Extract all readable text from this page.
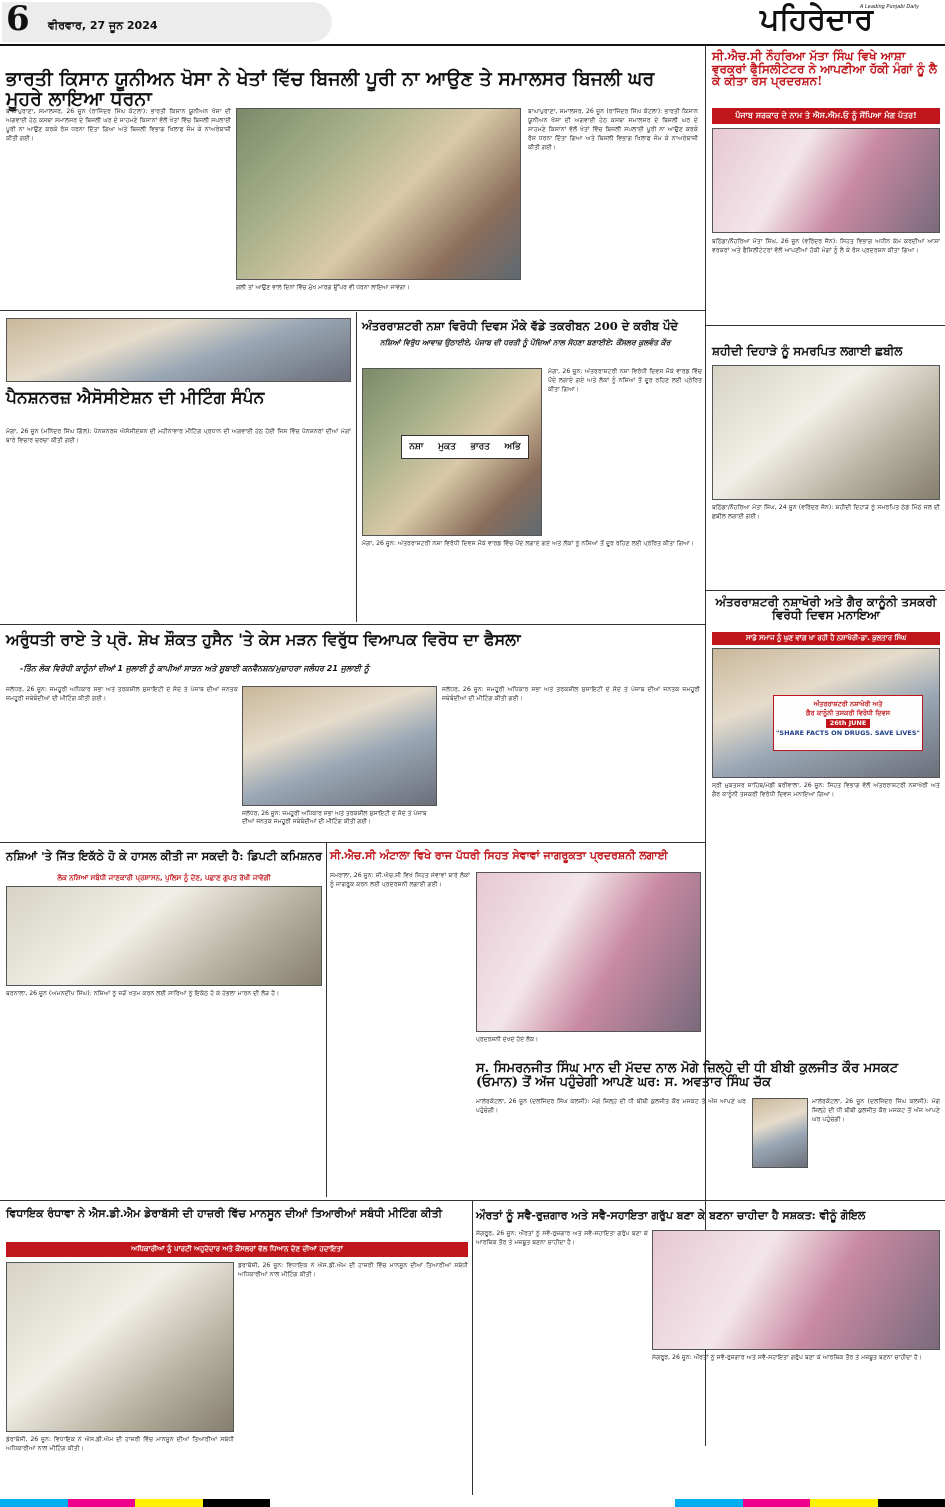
6 ਵੀਰਵਾਰ, 27 ਜੂਨ 2024	ਪਹਿਰੇਦਾਰ
A Leading Punjabi Daily
ਭਾਰਤੀ ਕਿਸਾਨ ਯੂਨੀਅਨ ਖੋਸਾ ਨੇ ਖੇਤਾਂ ਵਿੱਚ ਬਿਜਲੀ ਪੂਰੀ ਨਾ ਆਉਣ ਤੇ ਸਮਾਲਸਰ ਬਿਜਲੀ ਘਰ ਮੂਹਰੇ ਲਾਇਆ ਧਰਨਾ
ਬਾਘਾਪੁਰਾਣਾ, ਸਮਾਲਸਰ, 26 ਜੂਨ (ਰਾਜਿੰਦਰ ਸਿੰਘ ਕੋਟਲਾ): ਭਾਰਤੀ ਕਿਸਾਨ ਯੂਨੀਅਨ ਖੋਸਾ ਦੀ ਅਗਵਾਈ ਹੇਠ ਕਸਬਾ ਸਮਾਲਸਰ ਦੇ ਬਿਜਲੀ ਘਰ ਦੇ ਸਾਹਮਣੇ ਕਿਸਾਨਾਂ ਵੱਲੋਂ ਖੇਤਾਂ ਵਿੱਚ ਬਿਜਲੀ ਸਪਲਾਈ ਪੂਰੀ ਨਾ ਆਉਣ ਕਰਕੇ ਰੋਸ ਧਰਨਾ ਦਿੱਤਾ ਗਿਆ ਅਤੇ ਬਿਜਲੀ ਵਿਭਾਗ ਖਿਲਾਫ ਜੰਮ ਕੇ ਨਾਅਰੇਬਾਜ਼ੀ ਕੀਤੀ ਗਈ।
ਗਲੀ ਤਾਂ ਆਉਣ ਵਾਲੇ ਦਿਨਾਂ ਵਿੱਚ ਮੁੱਖ ਮਾਰਗ ਉੱਪਰ ਵੀ ਧਰਨਾ ਲਾਇਆ ਜਾਵੇਗਾ।
ਬਾਘਾਪੁਰਾਣਾ, ਸਮਾਲਸਰ, 26 ਜੂਨ (ਰਾਜਿੰਦਰ ਸਿੰਘ ਕੋਟਲਾ): ਭਾਰਤੀ ਕਿਸਾਨ ਯੂਨੀਅਨ ਖੋਸਾ ਦੀ ਅਗਵਾਈ ਹੇਠ ਕਸਬਾ ਸਮਾਲਸਰ ਦੇ ਬਿਜਲੀ ਘਰ ਦੇ ਸਾਹਮਣੇ ਕਿਸਾਨਾਂ ਵੱਲੋਂ ਖੇਤਾਂ ਵਿੱਚ ਬਿਜਲੀ ਸਪਲਾਈ ਪੂਰੀ ਨਾ ਆਉਣ ਕਰਕੇ ਰੋਸ ਧਰਨਾ ਦਿੱਤਾ ਗਿਆ ਅਤੇ ਬਿਜਲੀ ਵਿਭਾਗ ਖਿਲਾਫ ਜੰਮ ਕੇ ਨਾਅਰੇਬਾਜ਼ੀ ਕੀਤੀ ਗਈ।
ਸੀ.ਐਚ.ਸੀ ਨੌਹਰਿਆ ਮੱਤਾ ਸਿੰਘ ਵਿਖੇ ਆਸ਼ਾ ਵਰਕਰਾਂ ਫੈਸਿਲੀਟੇਟਰ ਨੇ ਆਪਣੀਆ ਹੱਕੀ ਮੰਗਾਂ ਨੂੰ ਲੈ ਕੇ ਕੀਤਾ ਰੋਸ ਪ੍ਰਦਰਸ਼ਨ!
ਪੰਜਾਬ ਸਰਕਾਰ ਦੇ ਨਾਮ ਤੇ ਐਸ.ਐਮ.ਓ ਨੂੰ ਸੌਂਪਿਆ ਮੰਗ ਪੱਤਰ!
ਬਠਿੰਡਾ/ਨੌਹਰਿਆ ਮੱਤਾ ਸਿੰਘ, 26 ਜੂਨ (ਵਰਿੰਦਰ ਜੈਨ): ਸਿਹਤ ਵਿਭਾਗ ਅਧੀਨ ਕੰਮ ਕਰਦੀਆਂ ਆਸ਼ਾ ਵਰਕਰਾਂ ਅਤੇ ਫੈਸਿਲੀਟੇਟਰਾਂ ਵੱਲੋਂ ਆਪਣੀਆਂ ਹੱਕੀ ਮੰਗਾਂ ਨੂੰ ਲੈ ਕੇ ਰੋਸ ਪ੍ਰਦਰਸ਼ਨ ਕੀਤਾ ਗਿਆ।
ਪੈਨਸ਼ਨਰਜ਼ ਐਸੋਸੀਏਸ਼ਨ ਦੀ ਮੀਟਿੰਗ ਸੰਪੰਨ
ਮੋਗਾ, 26 ਜੂਨ (ਮਨਿੰਦਰ ਸਿੰਘ ਗਿੱਲ): ਪੈਨਸ਼ਨਰਜ਼ ਐਸੋਸੀਏਸ਼ਨ ਦੀ ਮਹੀਨਾਵਾਰ ਮੀਟਿੰਗ ਪ੍ਰਧਾਨ ਦੀ ਅਗਵਾਈ ਹੇਠ ਹੋਈ ਜਿਸ ਵਿੱਚ ਪੈਨਸ਼ਨਰਾਂ ਦੀਆਂ ਮੰਗਾਂ ਬਾਰੇ ਵਿਚਾਰ ਚਰਚਾ ਕੀਤੀ ਗਈ।
ਅੰਤਰਰਾਸ਼ਟਰੀ ਨਸ਼ਾ ਵਿਰੋਧੀ ਦਿਵਸ ਮੌਕੇ ਵੱਡੇ ਤਕਰੀਬਨ 200 ਦੇ ਕਰੀਬ ਪੌਦੇ
ਨਸ਼ਿਆਂ ਵਿਰੁੱਧ ਆਵਾਜ਼ ਉਠਾਈਏ, ਪੰਜਾਬ ਦੀ ਧਰਤੀ ਨੂੰ ਪੌਦਿਆਂ ਨਾਲ ਸੋਹਣਾ ਬਣਾਈਏ: ਕੌਂਸਲਰ ਕੁਲਵੰਤ ਕੌਰ
ਨਸ਼ਾ ਮੁਕਤ ਭਾਰਤ ਅਭਿ
ਮੋਗਾ, 26 ਜੂਨ: ਅੰਤਰਰਾਸ਼ਟਰੀ ਨਸ਼ਾ ਵਿਰੋਧੀ ਦਿਵਸ ਮੌਕੇ ਵਾਰਡ ਵਿੱਚ ਪੌਦੇ ਲਗਾਏ ਗਏ ਅਤੇ ਲੋਕਾਂ ਨੂੰ ਨਸ਼ਿਆਂ ਤੋਂ ਦੂਰ ਰਹਿਣ ਲਈ ਪ੍ਰੇਰਿਤ ਕੀਤਾ ਗਿਆ।
ਮੋਗਾ, 26 ਜੂਨ: ਅੰਤਰਰਾਸ਼ਟਰੀ ਨਸ਼ਾ ਵਿਰੋਧੀ ਦਿਵਸ ਮੌਕੇ ਵਾਰਡ ਵਿੱਚ ਪੌਦੇ ਲਗਾਏ ਗਏ ਅਤੇ ਲੋਕਾਂ ਨੂੰ ਨਸ਼ਿਆਂ ਤੋਂ ਦੂਰ ਰਹਿਣ ਲਈ ਪ੍ਰੇਰਿਤ ਕੀਤਾ ਗਿਆ।
ਸ਼ਹੀਦੀ ਦਿਹਾੜੇ ਨੂੰ ਸਮਰਪਿਤ ਲਗਾਈ ਛਬੀਲ
ਬਠਿੰਡਾ/ਨੌਹਰਿਆ ਮੱਤਾ ਸਿੰਘ, 24 ਜੂਨ (ਵਰਿੰਦਰ ਜੈਨ): ਸ਼ਹੀਦੀ ਦਿਹਾੜੇ ਨੂੰ ਸਮਰਪਿਤ ਠੰਡੇ ਮਿੱਠੇ ਜਲ ਦੀ ਛਬੀਲ ਲਗਾਈ ਗਈ।
ਅੰਤਰਰਾਸ਼ਟਰੀ ਨਸ਼ਾਖੋਰੀ ਅਤੇ ਗੈਰ ਕਾਨੂੰਨੀ ਤਸਕਰੀ ਵਿਰੋਧੀ ਦਿਵਸ ਮਨਾਇਆ
ਸਾਡੇ ਸਮਾਜ ਨੂੰ ਘੁਣ ਵਾਂਗ ਖਾ ਰਹੀ ਹੈ ਨਸ਼ਾਖੋਰੀ-ਡਾ. ਕੁਲਤਾਰ ਸਿੰਘ
ਅੰਤਰਰਾਸ਼ਟਰੀ ਨਸ਼ਾਖੋਰੀ ਅਤੇ
ਗੈਰ ਕਾਨੂੰਨੀ ਤਸਕਰੀ ਵਿਰੋਧੀ ਦਿਵਸ
26th JUNE
"SHARE FACTS ON DRUGS. SAVE LIVES"
ਸ੍ਰੀ ਮੁਕਤਸਰ ਸਾਹਿਬ/ਮੰਡੀ ਬਰੀਵਾਲਾ, 26 ਜੂਨ: ਸਿਹਤ ਵਿਭਾਗ ਵੱਲੋਂ ਅੰਤਰਰਾਸ਼ਟਰੀ ਨਸ਼ਾਖੋਰੀ ਅਤੇ ਗੈਰ ਕਾਨੂੰਨੀ ਤਸਕਰੀ ਵਿਰੋਧੀ ਦਿਵਸ ਮਨਾਇਆ ਗਿਆ।
ਅਰੁੰਧਤੀ ਰਾਏ ਤੇ ਪ੍ਰੋ. ਸ਼ੇਖ ਸ਼ੌਕਤ ਹੁਸੈਨ 'ਤੇ ਕੇਸ ਮੜਨ ਵਿਰੁੱਧ ਵਿਆਪਕ ਵਿਰੋਧ ਦਾ ਫੈਸਲਾ
-ਤਿੰਨ ਲੋਕ ਵਿਰੋਧੀ ਕਾਨੂੰਨਾਂ ਦੀਆਂ 1 ਜੁਲਾਈ ਨੂੰ ਕਾਪੀਆਂ ਸਾੜਨ ਅਤੇ ਸੂਬਾਈ ਕਨਵੈਨਸ਼ਨ/ਮੁਜ਼ਾਹਰਾ ਜਲੰਧਰ 21 ਜੁਲਾਈ ਨੂੰ
ਜਲੰਧਰ, 26 ਜੂਨ: ਜਮਹੂਰੀ ਅਧਿਕਾਰ ਸਭਾ ਅਤੇ ਤਰਕਸ਼ੀਲ ਸੁਸਾਇਟੀ ਦੇ ਸੱਦੇ ਤੇ ਪੰਜਾਬ ਦੀਆਂ ਜਨਤਕ ਜਮਹੂਰੀ ਜਥੇਬੰਦੀਆਂ ਦੀ ਮੀਟਿੰਗ ਕੀਤੀ ਗਈ।
ਜਲੰਧਰ, 26 ਜੂਨ: ਜਮਹੂਰੀ ਅਧਿਕਾਰ ਸਭਾ ਅਤੇ ਤਰਕਸ਼ੀਲ ਸੁਸਾਇਟੀ ਦੇ ਸੱਦੇ ਤੇ ਪੰਜਾਬ ਦੀਆਂ ਜਨਤਕ ਜਮਹੂਰੀ ਜਥੇਬੰਦੀਆਂ ਦੀ ਮੀਟਿੰਗ ਕੀਤੀ ਗਈ।
ਜਲੰਧਰ, 26 ਜੂਨ: ਜਮਹੂਰੀ ਅਧਿਕਾਰ ਸਭਾ ਅਤੇ ਤਰਕਸ਼ੀਲ ਸੁਸਾਇਟੀ ਦੇ ਸੱਦੇ ਤੇ ਪੰਜਾਬ ਦੀਆਂ ਜਨਤਕ ਜਮਹੂਰੀ ਜਥੇਬੰਦੀਆਂ ਦੀ ਮੀਟਿੰਗ ਕੀਤੀ ਗਈ।
ਨਸ਼ਿਆਂ 'ਤੇ ਜਿੱਤ ਇਕੱਠੇ ਹੋ ਕੇ ਹਾਸਲ ਕੀਤੀ ਜਾ ਸਕਦੀ ਹੈ: ਡਿਪਟੀ ਕਮਿਸ਼ਨਰ
ਲੋਕ ਨਸ਼ਿਆਂ ਸਬੰਧੀ ਜਾਣਕਾਰੀ ਪ੍ਰਸ਼ਾਸਨ, ਪੁਲਿਸ ਨੂੰ ਦੇਣ, ਪਛਾਣ ਗੁਪਤ ਰੱਖੀ ਜਾਵੇਗੀ
ਬਰਨਾਲਾ, 26 ਜੂਨ (ਅਮਨਦੀਪ ਸਿੰਘ): ਨਸ਼ਿਆਂ ਨੂੰ ਜੜੋਂ ਖਤਮ ਕਰਨ ਲਈ ਸਾਰਿਆਂ ਨੂੰ ਇਕੱਠੇ ਹੋ ਕੇ ਹੰਭਲਾ ਮਾਰਨ ਦੀ ਲੋੜ ਹੈ।
ਸੀ.ਐਚ.ਸੀ ਅੰਟਾਲਾ ਵਿਖੇ ਰਾਜ ਪੱਧਰੀ ਸਿਹਤ ਸੇਵਾਵਾਂ ਜਾਗਰੂਕਤਾ ਪ੍ਰਦਰਸ਼ਨੀ ਲਗਾਈ
ਸਮਰਾਲਾ, 26 ਜੂਨ: ਸੀ.ਐਚ.ਸੀ ਵਿਖੇ ਸਿਹਤ ਸੇਵਾਵਾਂ ਬਾਰੇ ਲੋਕਾਂ ਨੂੰ ਜਾਗਰੂਕ ਕਰਨ ਲਈ ਪ੍ਰਦਰਸ਼ਨੀ ਲਗਾਈ ਗਈ।
ਪ੍ਰਦਰਸ਼ਨੀ ਦੇਖਦੇ ਹੋਏ ਲੋਕ।
ਸ. ਸਿਮਰਨਜੀਤ ਸਿੰਘ ਮਾਨ ਦੀ ਮੱਦਦ ਨਾਲ ਮੋਗੇ ਜ਼ਿਲ੍ਹੇ ਦੀ ਧੀ ਬੀਬੀ ਕੁਲਜੀਤ ਕੌਰ ਮਸਕਟ (ਓਮਾਨ) ਤੋਂ ਅੱਜ ਪਹੁੰਚੇਗੀ ਆਪਣੇ ਘਰ: ਸ. ਅਵਤਾਰ ਸਿੰਘ ਚੱਕ
ਮਾਲੇਰਕੋਟਲਾ, 26 ਜੂਨ (ਦਲਜਿੰਦਰ ਸਿੰਘ ਕਲਸੀ): ਮੋਗੇ ਜ਼ਿਲ੍ਹੇ ਦੀ ਧੀ ਬੀਬੀ ਕੁਲਜੀਤ ਕੌਰ ਮਸਕਟ ਤੋਂ ਅੱਜ ਆਪਣੇ ਘਰ ਪਹੁੰਚੇਗੀ।
ਮਾਲੇਰਕੋਟਲਾ, 26 ਜੂਨ (ਦਲਜਿੰਦਰ ਸਿੰਘ ਕਲਸੀ): ਮੋਗੇ ਜ਼ਿਲ੍ਹੇ ਦੀ ਧੀ ਬੀਬੀ ਕੁਲਜੀਤ ਕੌਰ ਮਸਕਟ ਤੋਂ ਅੱਜ ਆਪਣੇ ਘਰ ਪਹੁੰਚੇਗੀ।
ਵਿਧਾਇਕ ਰੰਧਾਵਾ ਨੇ ਐਸ.ਡੀ.ਐਮ ਡੇਰਾਬੱਸੀ ਦੀ ਹਾਜ਼ਰੀ ਵਿੱਚ ਮਾਨਸੂਨ ਦੀਆਂ ਤਿਆਰੀਆਂ ਸਬੰਧੀ ਮੀਟਿੰਗ ਕੀਤੀ
ਅਧਿਕਾਰੀਆਂ ਨੂੰ ਪਾਰਟੀ ਅਹੁਦੇਦਾਰ ਅਤੇ ਕੌਂਸਲਰਾਂ ਵੱਲ ਧਿਆਨ ਦੇਣ ਦੀਆਂ ਹਦਾਇਤਾਂ
ਡੇਰਾਬੱਸੀ, 26 ਜੂਨ: ਵਿਧਾਇਕ ਨੇ ਐਸ.ਡੀ.ਐਮ ਦੀ ਹਾਜ਼ਰੀ ਵਿੱਚ ਮਾਨਸੂਨ ਦੀਆਂ ਤਿਆਰੀਆਂ ਸਬੰਧੀ ਅਧਿਕਾਰੀਆਂ ਨਾਲ ਮੀਟਿੰਗ ਕੀਤੀ।
ਡੇਰਾਬੱਸੀ, 26 ਜੂਨ: ਵਿਧਾਇਕ ਨੇ ਐਸ.ਡੀ.ਐਮ ਦੀ ਹਾਜ਼ਰੀ ਵਿੱਚ ਮਾਨਸੂਨ ਦੀਆਂ ਤਿਆਰੀਆਂ ਸਬੰਧੀ ਅਧਿਕਾਰੀਆਂ ਨਾਲ ਮੀਟਿੰਗ ਕੀਤੀ।
ਔਰਤਾਂ ਨੂੰ ਸਵੈ-ਰੁਜ਼ਗਾਰ ਅਤੇ ਸਵੈ-ਸਹਾਇਤਾ ਗਰੁੱਪ ਬਣਾ ਕੇ ਬਣਨਾ ਚਾਹੀਦਾ ਹੈ ਸਸ਼ਕਤ: ਵੀਨੂੰ ਗੋਇਲ
ਸੰਗਰੂਰ, 26 ਜੂਨ: ਔਰਤਾਂ ਨੂੰ ਸਵੈ-ਰੁਜ਼ਗਾਰ ਅਤੇ ਸਵੈ-ਸਹਾਇਤਾ ਗਰੁੱਪ ਬਣਾ ਕੇ ਆਰਥਿਕ ਤੌਰ ਤੇ ਮਜ਼ਬੂਤ ਬਣਨਾ ਚਾਹੀਦਾ ਹੈ।
ਸੰਗਰੂਰ, 26 ਜੂਨ: ਔਰਤਾਂ ਨੂੰ ਸਵੈ-ਰੁਜ਼ਗਾਰ ਅਤੇ ਸਵੈ-ਸਹਾਇਤਾ ਗਰੁੱਪ ਬਣਾ ਕੇ ਆਰਥਿਕ ਤੌਰ ਤੇ ਮਜ਼ਬੂਤ ਬਣਨਾ ਚਾਹੀਦਾ ਹੈ।
